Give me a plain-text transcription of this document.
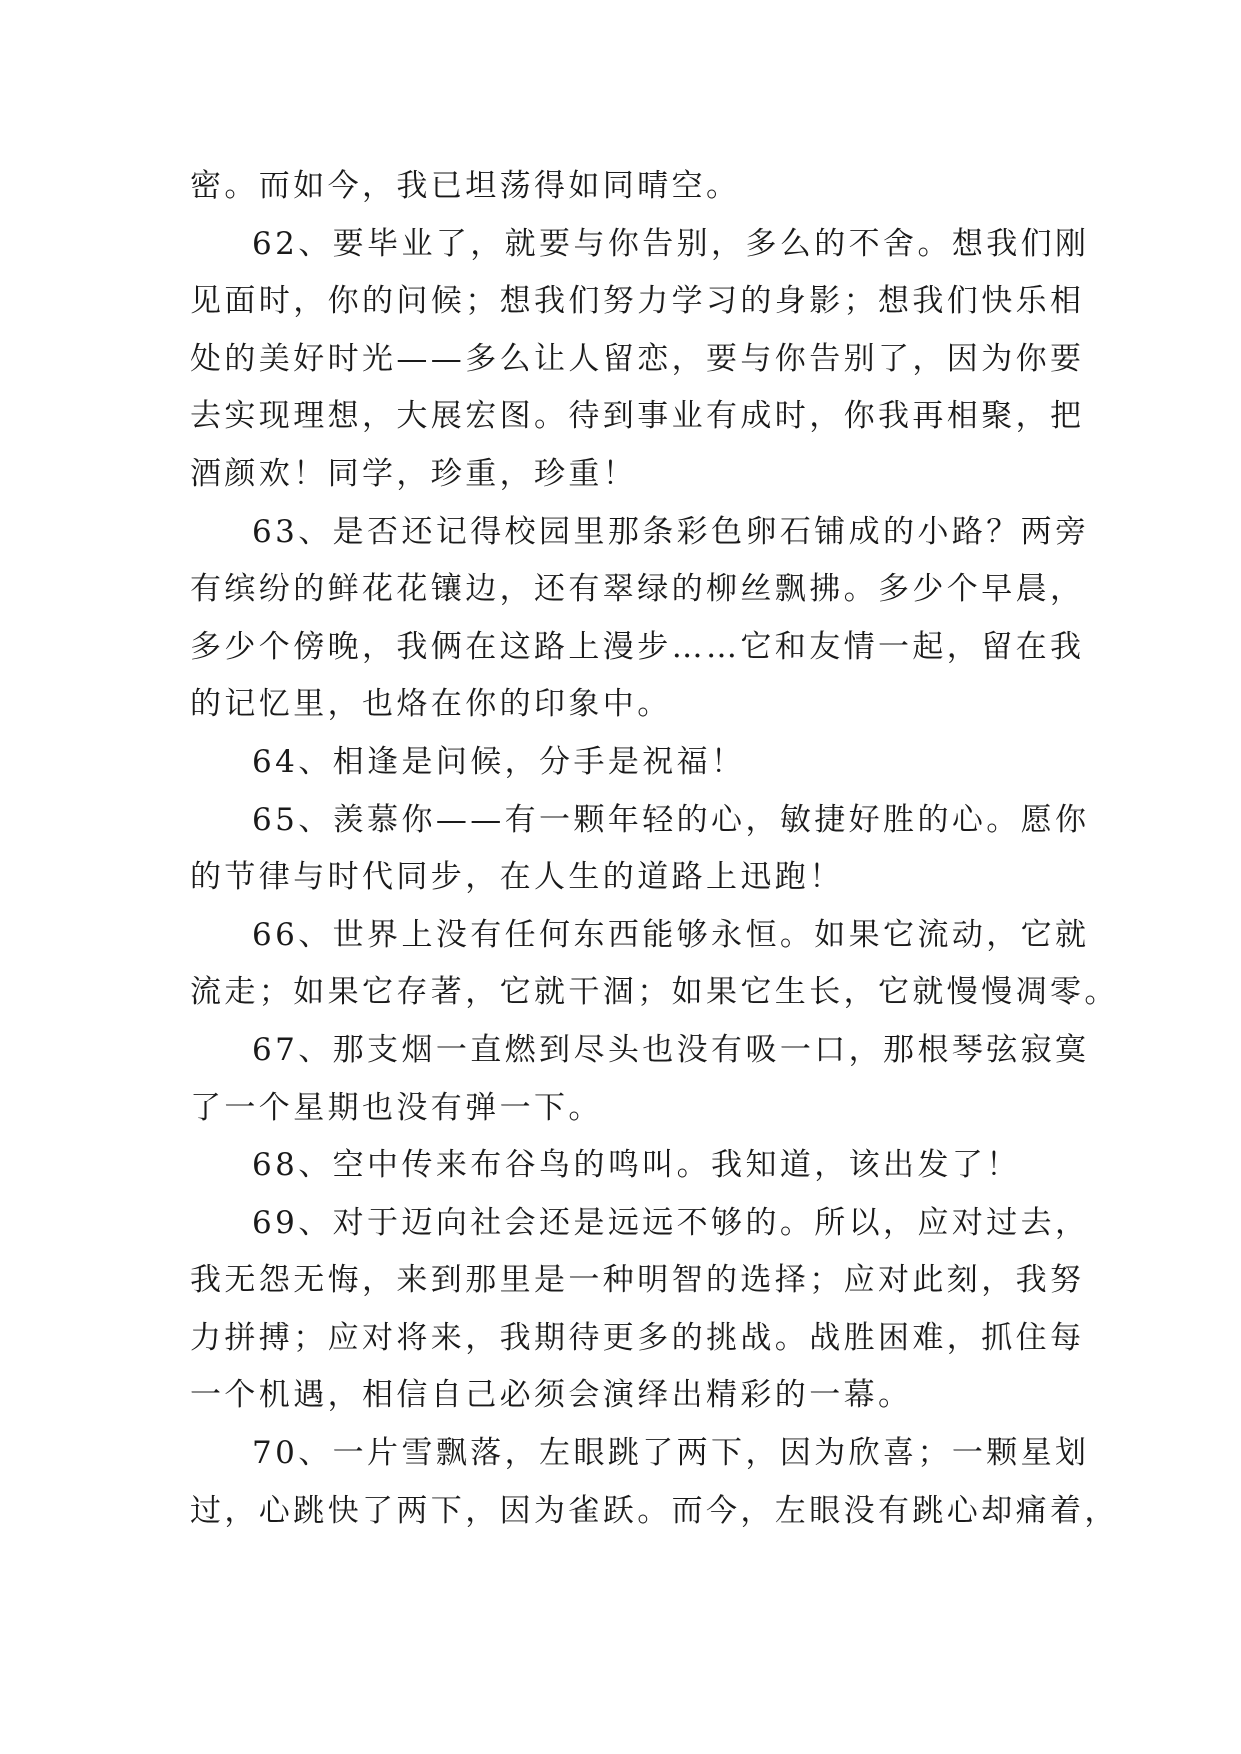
密。而如今，我已坦荡得如同晴空。
62、要毕业了，就要与你告别，多么的不舍。想我们刚
见面时，你的问候；想我们努力学习的身影；想我们快乐相
处的美好时光——多么让人留恋，要与你告别了，因为你要
去实现理想，大展宏图。待到事业有成时，你我再相聚，把
酒颜欢！同学，珍重，珍重！
63、是否还记得校园里那条彩色卵石铺成的小路？两旁
有缤纷的鲜花花镶边，还有翠绿的柳丝飘拂。多少个早晨，
多少个傍晚，我俩在这路上漫步……它和友情一起，留在我
的记忆里，也烙在你的印象中。
64、相逢是问候，分手是祝福！
65、羡慕你——有一颗年轻的心，敏捷好胜的心。愿你
的节律与时代同步，在人生的道路上迅跑！
66、世界上没有任何东西能够永恒。如果它流动，它就
流走；如果它存著，它就干涸；如果它生长，它就慢慢凋零。
67、那支烟一直燃到尽头也没有吸一口，那根琴弦寂寞
了一个星期也没有弹一下。
68、空中传来布谷鸟的鸣叫。我知道，该出发了！
69、对于迈向社会还是远远不够的。所以，应对过去，
我无怨无悔，来到那里是一种明智的选择；应对此刻，我努
力拼搏；应对将来，我期待更多的挑战。战胜困难，抓住每
一个机遇，相信自己必须会演绎出精彩的一幕。
70、一片雪飘落，左眼跳了两下，因为欣喜；一颗星划
过，心跳快了两下，因为雀跃。而今，左眼没有跳心却痛着，
